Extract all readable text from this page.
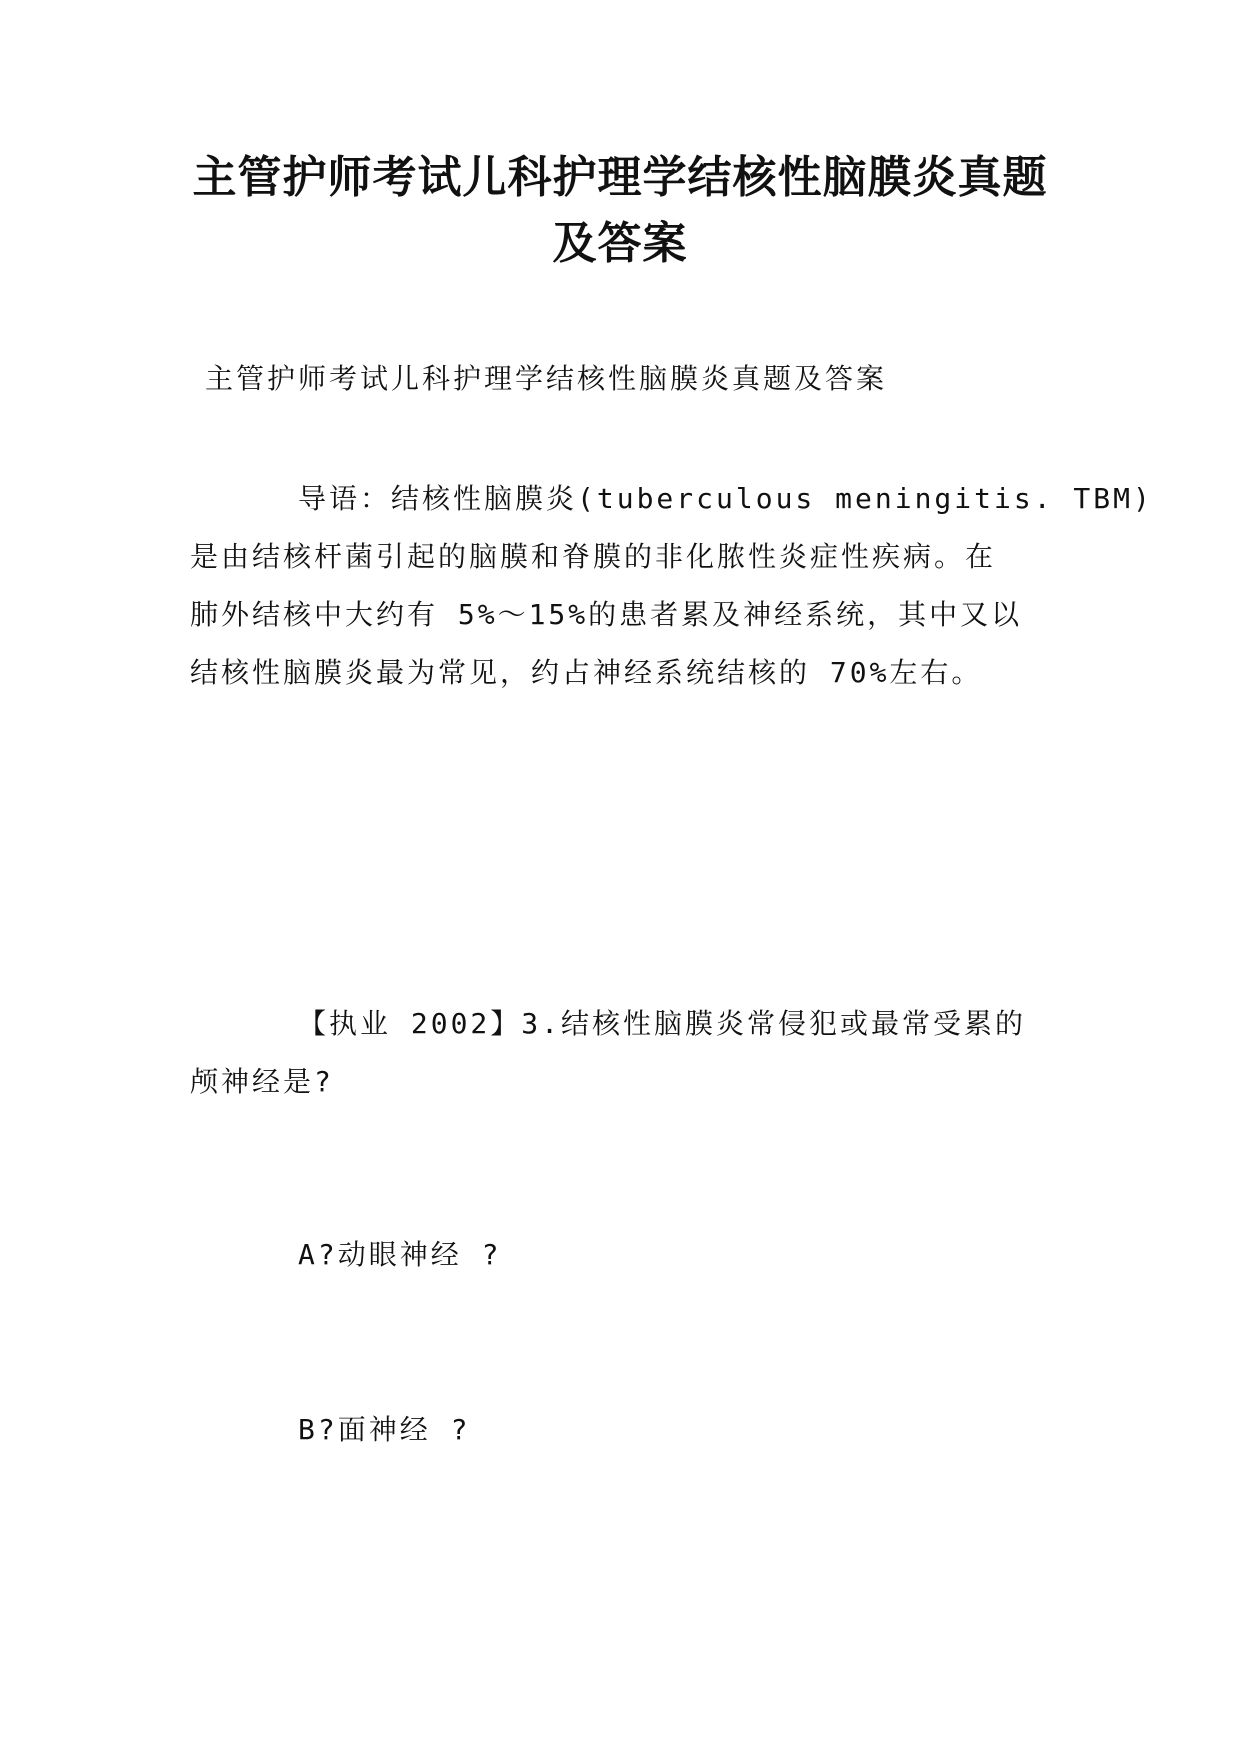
主管护师考试儿科护理学结核性脑膜炎真题及答案

主管护师考试儿科护理学结核性脑膜炎真题及答案

导语：结核性脑膜炎(tuberculous meningitis. TBM)
是由结核杆菌引起的脑膜和脊膜的非化脓性炎症性疾病。在
肺外结核中大约有 5%～15%的患者累及神经系统，其中又以
结核性脑膜炎最为常见，约占神经系统结核的 70%左右。
【执业 2002】3.结核性脑膜炎常侵犯或最常受累的
颅神经是?

A?动眼神经 ?

B?面神经 ?
